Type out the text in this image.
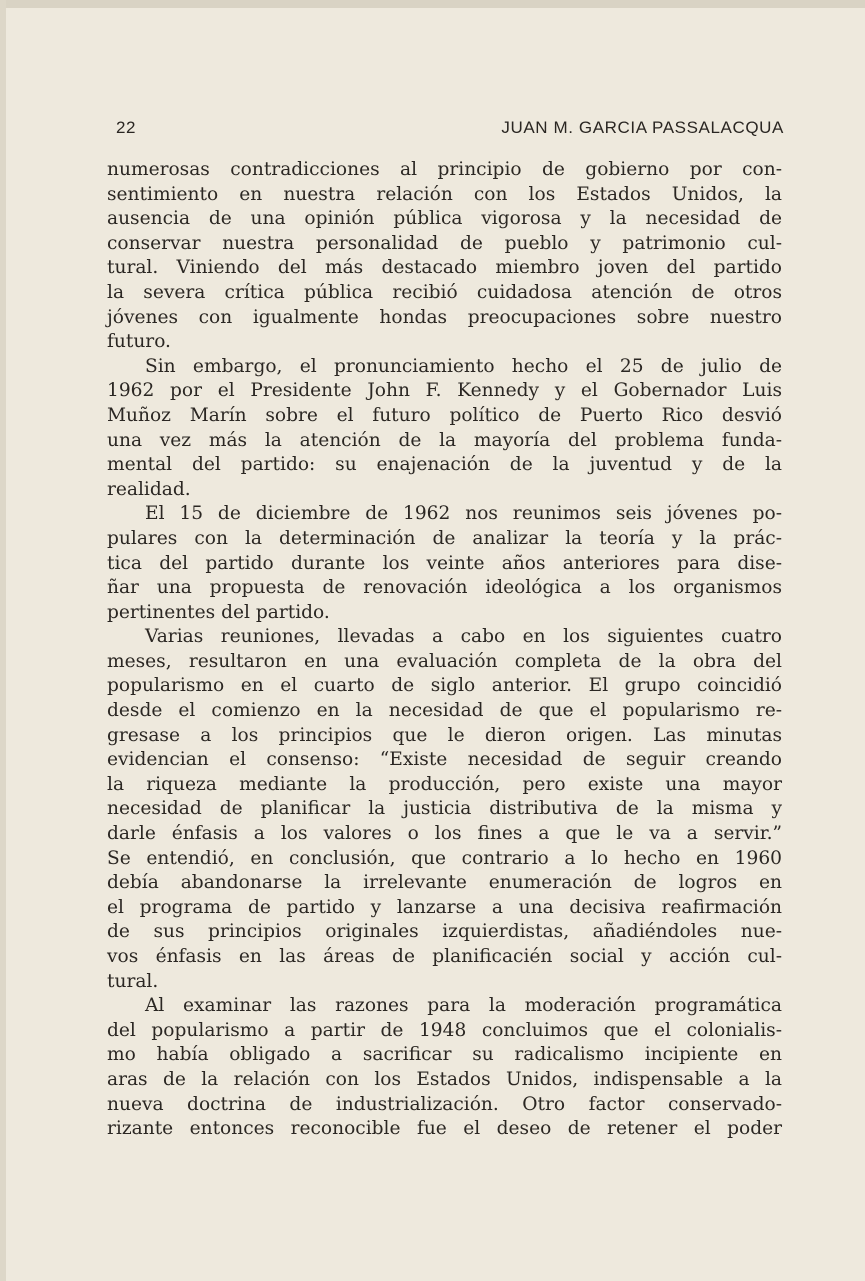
22	JUAN M. GARCIA PASSALACQUA
numerosas contradicciones al principio de gobierno por con-
sentimiento en nuestra relación con los Estados Unidos, la
ausencia de una opinión pública vigorosa y la necesidad de
conservar nuestra personalidad de pueblo y patrimonio cul-
tural. Viniendo del más destacado miembro joven del partido
la severa crítica pública recibió cuidadosa atención de otros
jóvenes con igualmente hondas preocupaciones sobre nuestro
futuro.
Sin embargo, el pronunciamiento hecho el 25 de julio de
1962 por el Presidente John F. Kennedy y el Gobernador Luis
Muñoz Marín sobre el futuro político de Puerto Rico desvió
una vez más la atención de la mayoría del problema funda-
mental del partido: su enajenación de la juventud y de la
realidad.
El 15 de diciembre de 1962 nos reunimos seis jóvenes po-
pulares con la determinación de analizar la teoría y la prác-
tica del partido durante los veinte años anteriores para dise-
ñar una propuesta de renovación ideológica a los organismos
pertinentes del partido.
Varias reuniones, llevadas a cabo en los siguientes cuatro
meses, resultaron en una evaluación completa de la obra del
popularismo en el cuarto de siglo anterior. El grupo coincidió
desde el comienzo en la necesidad de que el popularismo re-
gresase a los principios que le dieron origen. Las minutas
evidencian el consenso: “Existe necesidad de seguir creando
la riqueza mediante la producción, pero existe una mayor
necesidad de planificar la justicia distributiva de la misma y
darle énfasis a los valores o los fines a que le va a servir.”
Se entendió, en conclusión, que contrario a lo hecho en 1960
debía abandonarse la irrelevante enumeración de logros en
el programa de partido y lanzarse a una decisiva reafirmación
de sus principios originales izquierdistas, añadiéndoles nue-
vos énfasis en las áreas de planificacién social y acción cul-
tural.
Al examinar las razones para la moderación programática
del popularismo a partir de 1948 concluimos que el colonialis-
mo había obligado a sacrificar su radicalismo incipiente en
aras de la relación con los Estados Unidos, indispensable a la
nueva doctrina de industrialización. Otro factor conservado-
rizante entonces reconocible fue el deseo de retener el poder
